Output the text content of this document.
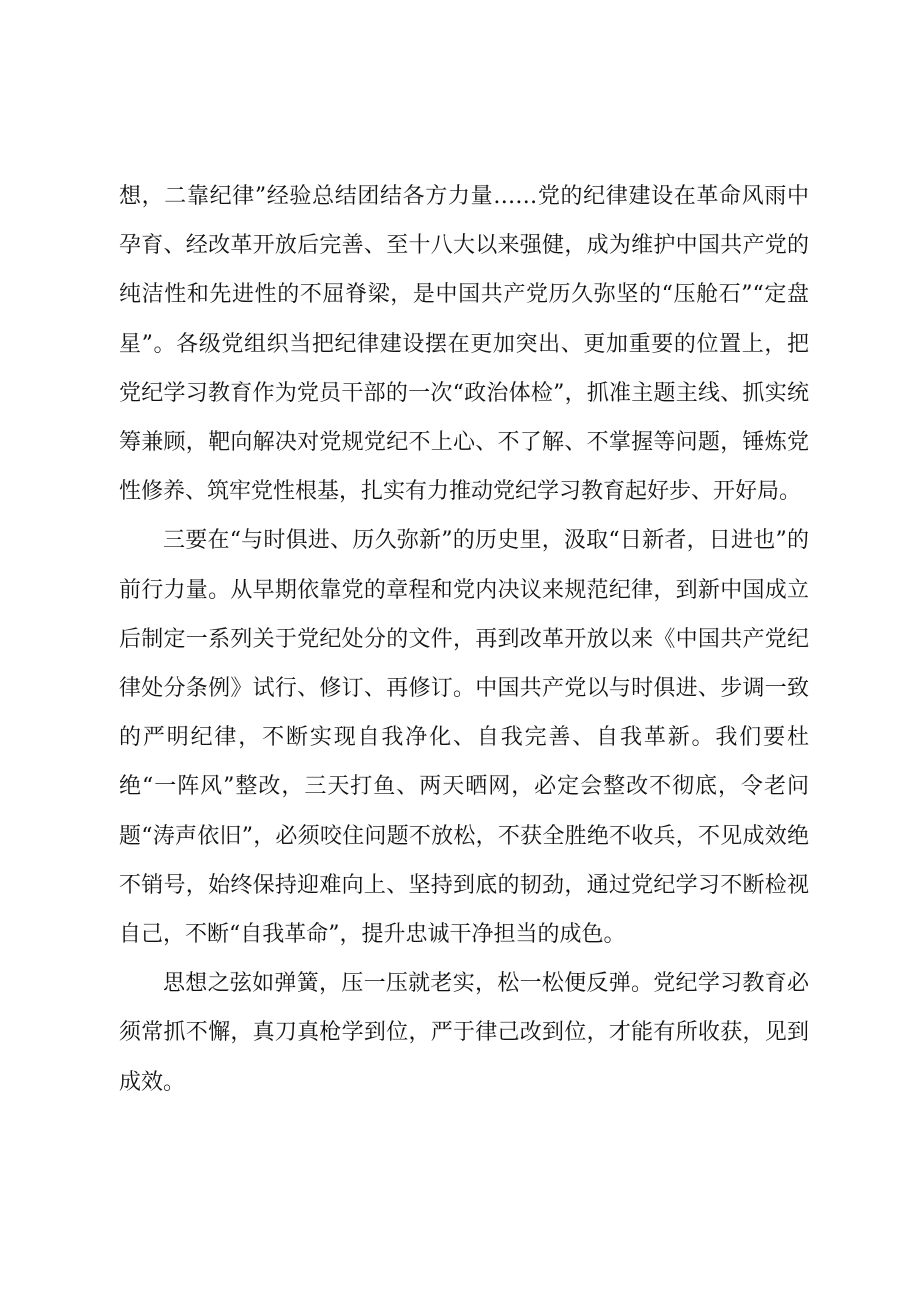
想，二靠纪律”经验总结团结各方力量……党的纪律建设在革命风雨中孕育、经改革开放后完善、至十八大以来强健，成为维护中国共产党的纯洁性和先进性的不屈脊梁，是中国共产党历久弥坚的“压舱石”“定盘星”。各级党组织当把纪律建设摆在更加突出、更加重要的位置上，把党纪学习教育作为党员干部的一次“政治体检”，抓准主题主线、抓实统筹兼顾，靶向解决对党规党纪不上心、不了解、不掌握等问题，锤炼党性修养、筑牢党性根基，扎实有力推动党纪学习教育起好步、开好局。

三要在“与时俱进、历久弥新”的历史里，汲取“日新者，日进也”的前行力量。从早期依靠党的章程和党内决议来规范纪律，到新中国成立后制定一系列关于党纪处分的文件，再到改革开放以来《中国共产党纪律处分条例》试行、修订、再修订。中国共产党以与时俱进、步调一致的严明纪律，不断实现自我净化、自我完善、自我革新。我们要杜绝“一阵风”整改，三天打鱼、两天晒网，必定会整改不彻底，令老问题“涛声依旧”，必须咬住问题不放松，不获全胜绝不收兵，不见成效绝不销号，始终保持迎难向上、坚持到底的韧劲，通过党纪学习不断检视自己，不断“自我革命”，提升忠诚干净担当的成色。

思想之弦如弹簧，压一压就老实，松一松便反弹。党纪学习教育必须常抓不懈，真刀真枪学到位，严于律己改到位，才能有所收获，见到成效。
